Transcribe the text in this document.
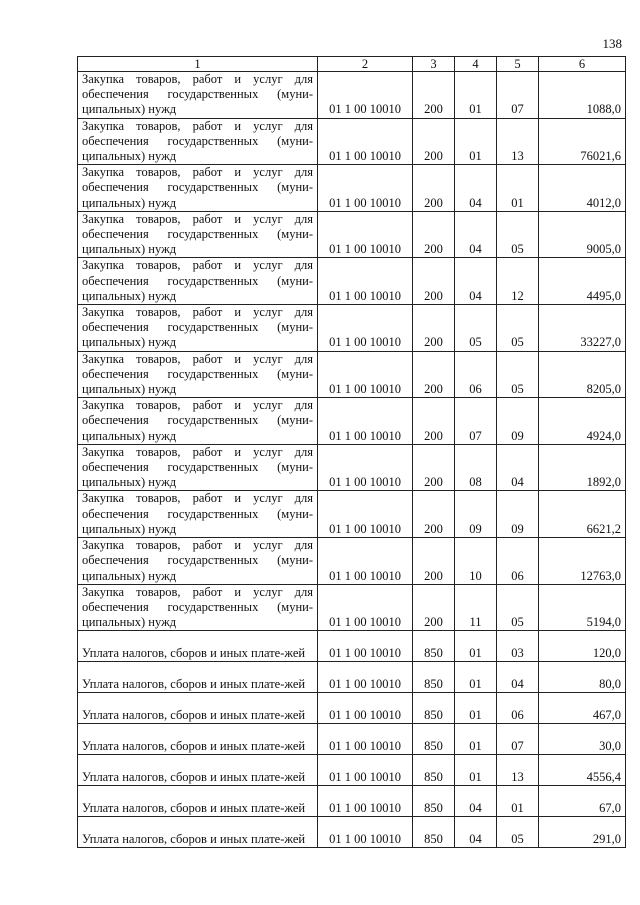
138
1	2	3	4	5	6
Закупка товаров, работ и услуг для обеспечения государственных (муни-ципальных) нужд	01 1 00 10010	200	01	07	1088,0
Закупка товаров, работ и услуг для обеспечения государственных (муни-ципальных) нужд	01 1 00 10010	200	01	13	76021,6
Закупка товаров, работ и услуг для обеспечения государственных (муни-ципальных) нужд	01 1 00 10010	200	04	01	4012,0
Закупка товаров, работ и услуг для обеспечения государственных (муни-ципальных) нужд	01 1 00 10010	200	04	05	9005,0
Закупка товаров, работ и услуг для обеспечения государственных (муни-ципальных) нужд	01 1 00 10010	200	04	12	4495,0
Закупка товаров, работ и услуг для обеспечения государственных (муни-ципальных) нужд	01 1 00 10010	200	05	05	33227,0
Закупка товаров, работ и услуг для обеспечения государственных (муни-ципальных) нужд	01 1 00 10010	200	06	05	8205,0
Закупка товаров, работ и услуг для обеспечения государственных (муни-ципальных) нужд	01 1 00 10010	200	07	09	4924,0
Закупка товаров, работ и услуг для обеспечения государственных (муни-ципальных) нужд	01 1 00 10010	200	08	04	1892,0
Закупка товаров, работ и услуг для обеспечения государственных (муни-ципальных) нужд	01 1 00 10010	200	09	09	6621,2
Закупка товаров, работ и услуг для обеспечения государственных (муни-ципальных) нужд	01 1 00 10010	200	10	06	12763,0
Закупка товаров, работ и услуг для обеспечения государственных (муни-ципальных) нужд	01 1 00 10010	200	11	05	5194,0
Уплата налогов, сборов и иных плате-жей	01 1 00 10010	850	01	03	120,0
Уплата налогов, сборов и иных плате-жей	01 1 00 10010	850	01	04	80,0
Уплата налогов, сборов и иных плате-жей	01 1 00 10010	850	01	06	467,0
Уплата налогов, сборов и иных плате-жей	01 1 00 10010	850	01	07	30,0
Уплата налогов, сборов и иных плате-жей	01 1 00 10010	850	01	13	4556,4
Уплата налогов, сборов и иных плате-жей	01 1 00 10010	850	04	01	67,0
Уплата налогов, сборов и иных плате-жей	01 1 00 10010	850	04	05	291,0
